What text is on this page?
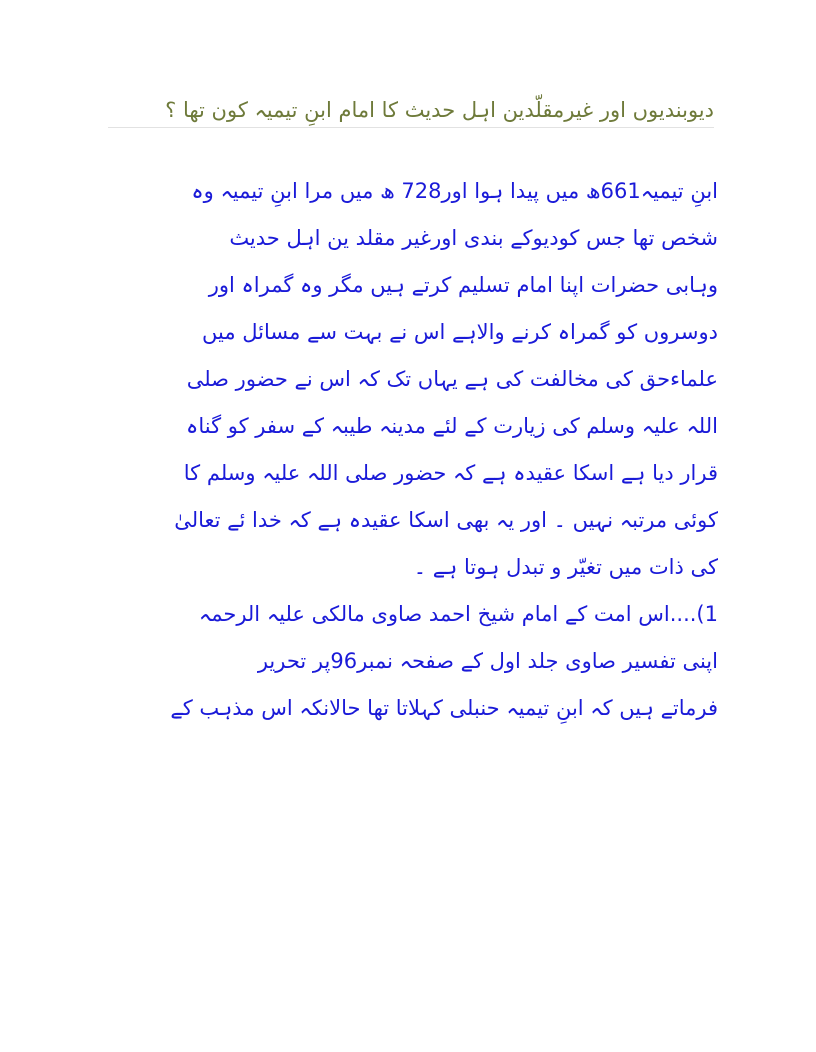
دیوبندیوں اور غیرمقلّدین اہل حدیث کا امام ابنِ تیمیہ کون تھا ؟
ابنِ تیمیہ661ھ میں پیدا ہوا اور728 ھ میں مرا ابنِ تیمیہ وہ
شخص تھا جس کودیوکے بندی اورغیر مقلد ین اہل حدیث
وہابی حضرات اپنا امام تسلیم کرتے ہیں مگر وہ گمراہ اور
دوسروں کو گمراہ کرنے والاہے اس نے بہت سے مسائل میں
علماءحق کی مخالفت کی ہے یہاں تک کہ اس نے حضور صلی
اللہ علیہ وسلم کی زیارت کے لئے مدینہ طیبہ کے سفر کو گناہ
قرار دیا ہے اسکا عقیدہ ہے کہ حضور صلی اللہ علیہ وسلم کا
کوئی مرتبہ نہیں ۔ اور یہ بھی اسکا عقیدہ ہے کہ خدا ئے تعالیٰ
کی ذات میں تغیّر و تبدل ہوتا ہے ۔
1)....اس امت کے امام شیخ احمد صاوی مالکی علیہ الرحمہ
اپنی تفسیر صاوی جلد اول کے صفحہ نمبر96پر تحریر
فرماتے ہیں کہ ابنِ تیمیہ حنبلی کہلاتا تھا حالانکہ اس مذہب کے
